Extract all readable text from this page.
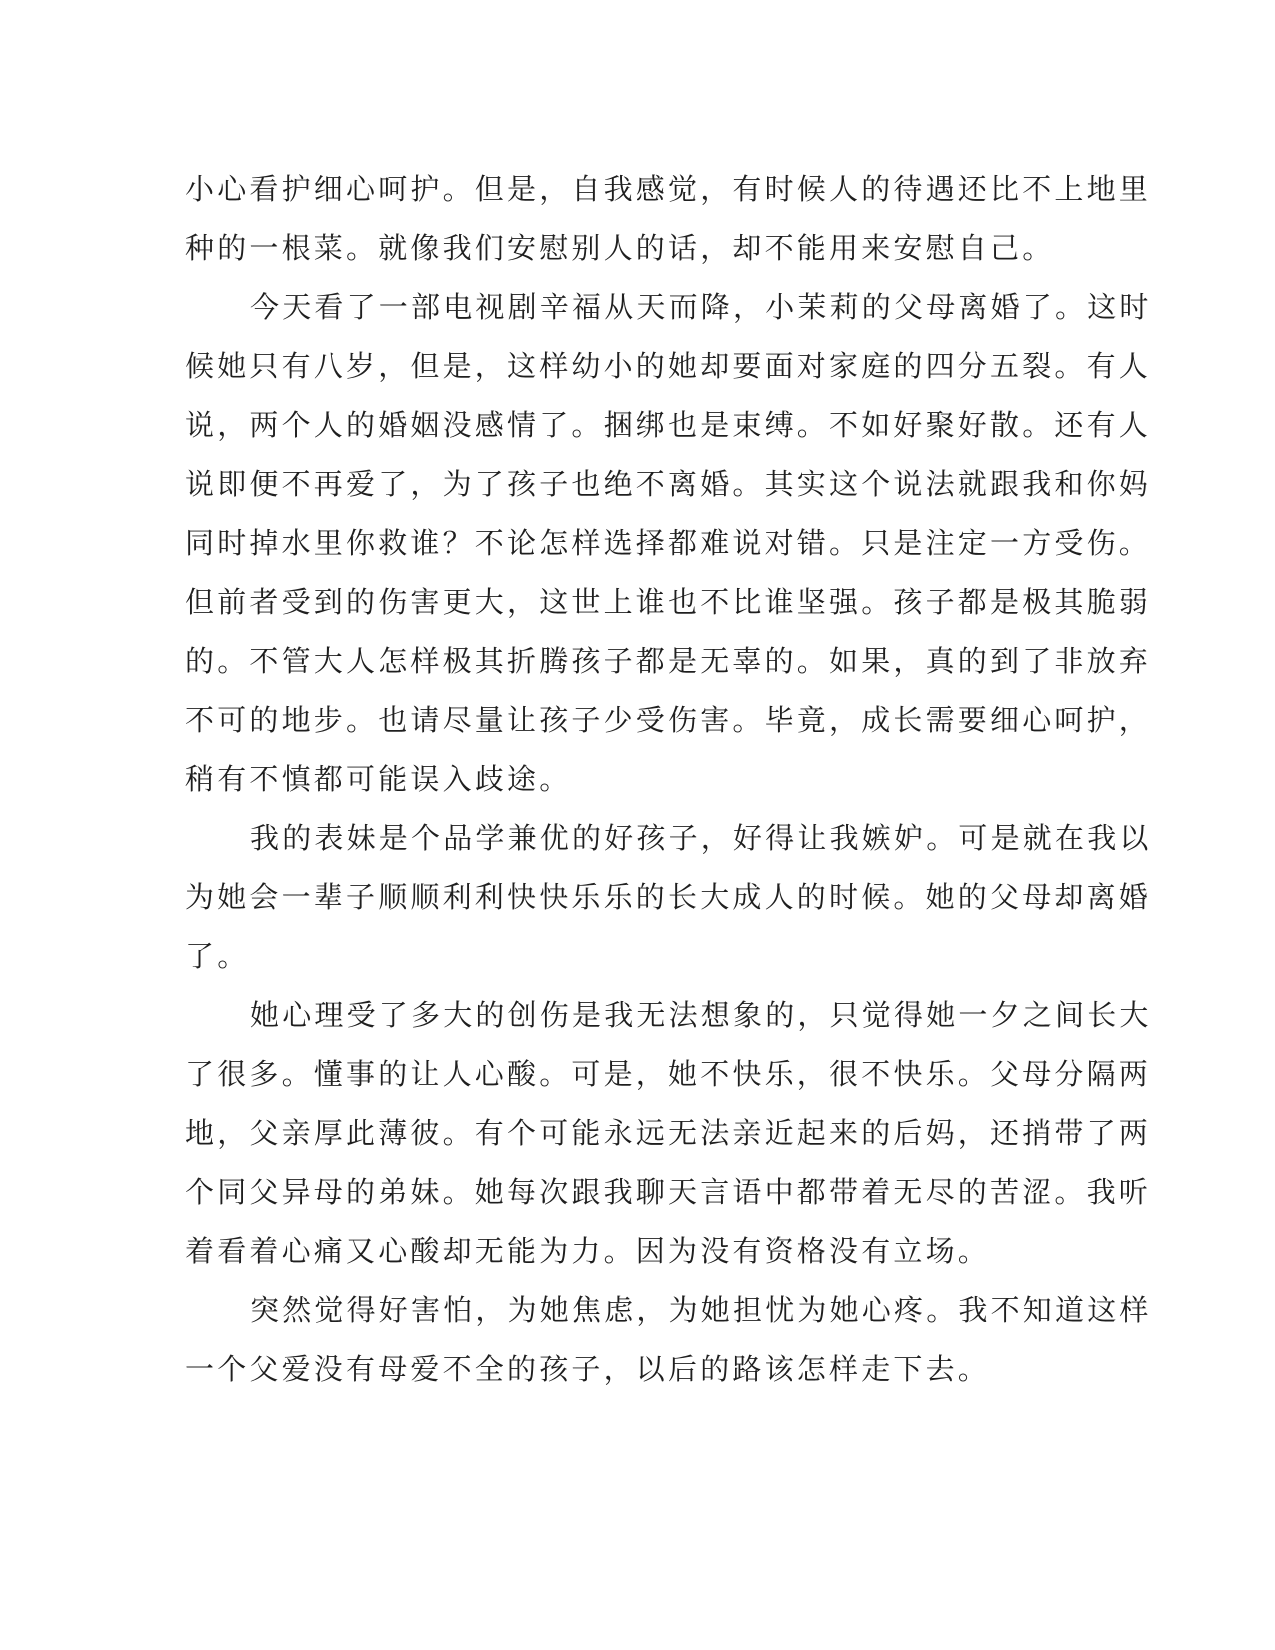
小心看护细心呵护。但是，自我感觉，有时候人的待遇还比不上地里
种的一根菜。就像我们安慰别人的话，却不能用来安慰自己。

今天看了一部电视剧辛福从天而降，小茉莉的父母离婚了。这时
候她只有八岁，但是，这样幼小的她却要面对家庭的四分五裂。有人
说，两个人的婚姻没感情了。捆绑也是束缚。不如好聚好散。还有人
说即便不再爱了，为了孩子也绝不离婚。其实这个说法就跟我和你妈
同时掉水里你救谁？不论怎样选择都难说对错。只是注定一方受伤。
但前者受到的伤害更大，这世上谁也不比谁坚强。孩子都是极其脆弱
的。不管大人怎样极其折腾孩子都是无辜的。如果，真的到了非放弃
不可的地步。也请尽量让孩子少受伤害。毕竟，成长需要细心呵护，
稍有不慎都可能误入歧途。

我的表妹是个品学兼优的好孩子，好得让我嫉妒。可是就在我以
为她会一辈子顺顺利利快快乐乐的长大成人的时候。她的父母却离婚
了。

她心理受了多大的创伤是我无法想象的，只觉得她一夕之间长大
了很多。懂事的让人心酸。可是，她不快乐，很不快乐。父母分隔两
地，父亲厚此薄彼。有个可能永远无法亲近起来的后妈，还捎带了两
个同父异母的弟妹。她每次跟我聊天言语中都带着无尽的苦涩。我听
着看着心痛又心酸却无能为力。因为没有资格没有立场。

突然觉得好害怕，为她焦虑，为她担忧为她心疼。我不知道这样
一个父爱没有母爱不全的孩子，以后的路该怎样走下去。
